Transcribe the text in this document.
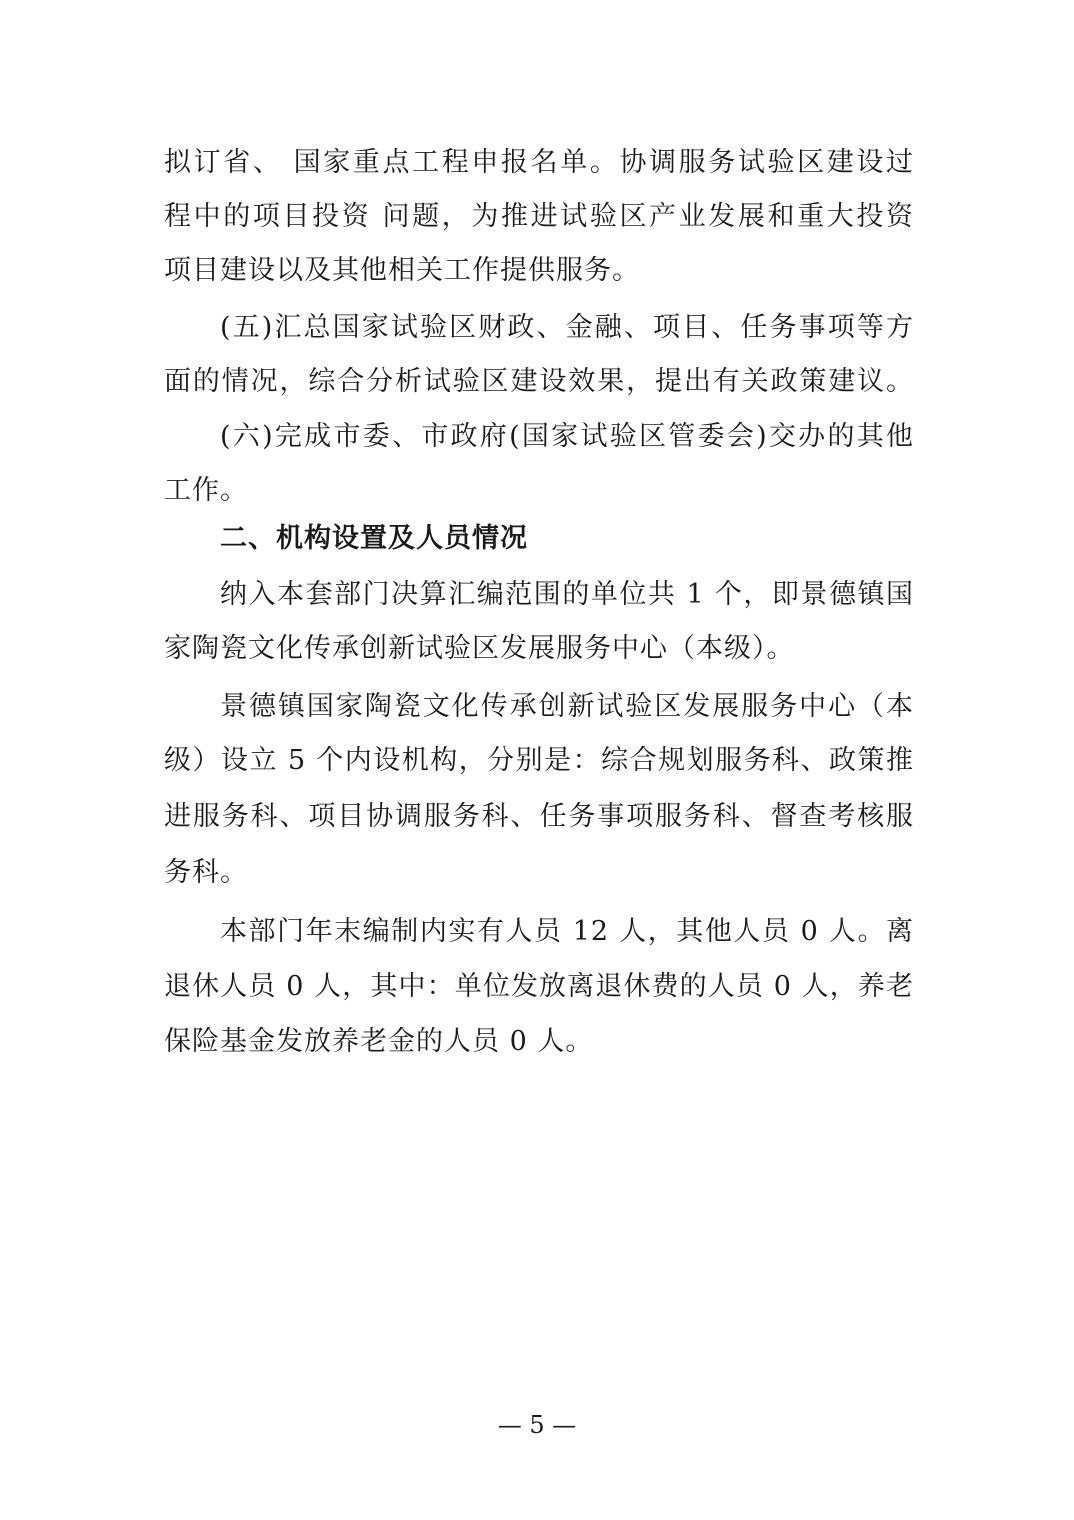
拟订省、 国家重点工程申报名单。协调服务试验区建设过
程中的项目投资 问题，为推进试验区产业发展和重大投资
项目建设以及其他相关工作提供服务。
(五)汇总国家试验区财政、金融、项目、任务事项等方
面的情况，综合分析试验区建设效果，提出有关政策建议。
(六)完成市委、市政府(国家试验区管委会)交办的其他
工作。
二、机构设置及人员情况
纳入本套部门决算汇编范围的单位共 1 个，即景德镇国
家陶瓷文化传承创新试验区发展服务中心（本级）。
景德镇国家陶瓷文化传承创新试验区发展服务中心（本
级）设立 5 个内设机构，分别是：综合规划服务科、政策推
进服务科、项目协调服务科、任务事项服务科、督查考核服
务科。
本部门年末编制内实有人员 12 人，其他人员 0 人。离
退休人员 0 人，其中：单位发放离退休费的人员 0 人，养老
保险基金发放养老金的人员 0 人。
— 5 —
